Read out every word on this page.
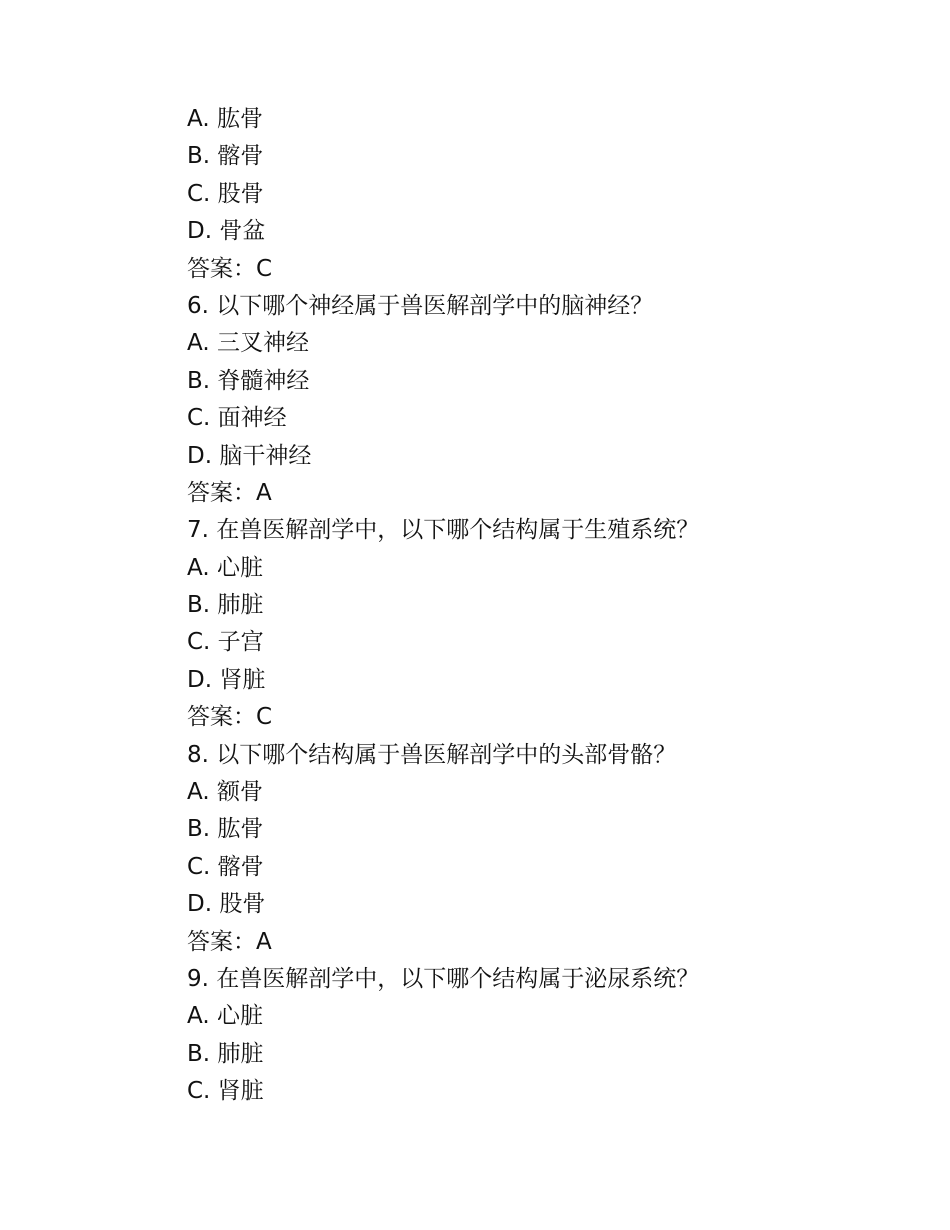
A. 肱骨
B. 髂骨
C. 股骨
D. 骨盆
答案：C
6. 以下哪个神经属于兽医解剖学中的脑神经？
A. 三叉神经
B. 脊髓神经
C. 面神经
D. 脑干神经
答案：A
7. 在兽医解剖学中，以下哪个结构属于生殖系统？
A. 心脏
B. 肺脏
C. 子宫
D. 肾脏
答案：C
8. 以下哪个结构属于兽医解剖学中的头部骨骼？
A. 额骨
B. 肱骨
C. 髂骨
D. 股骨
答案：A
9. 在兽医解剖学中，以下哪个结构属于泌尿系统？
A. 心脏
B. 肺脏
C. 肾脏
